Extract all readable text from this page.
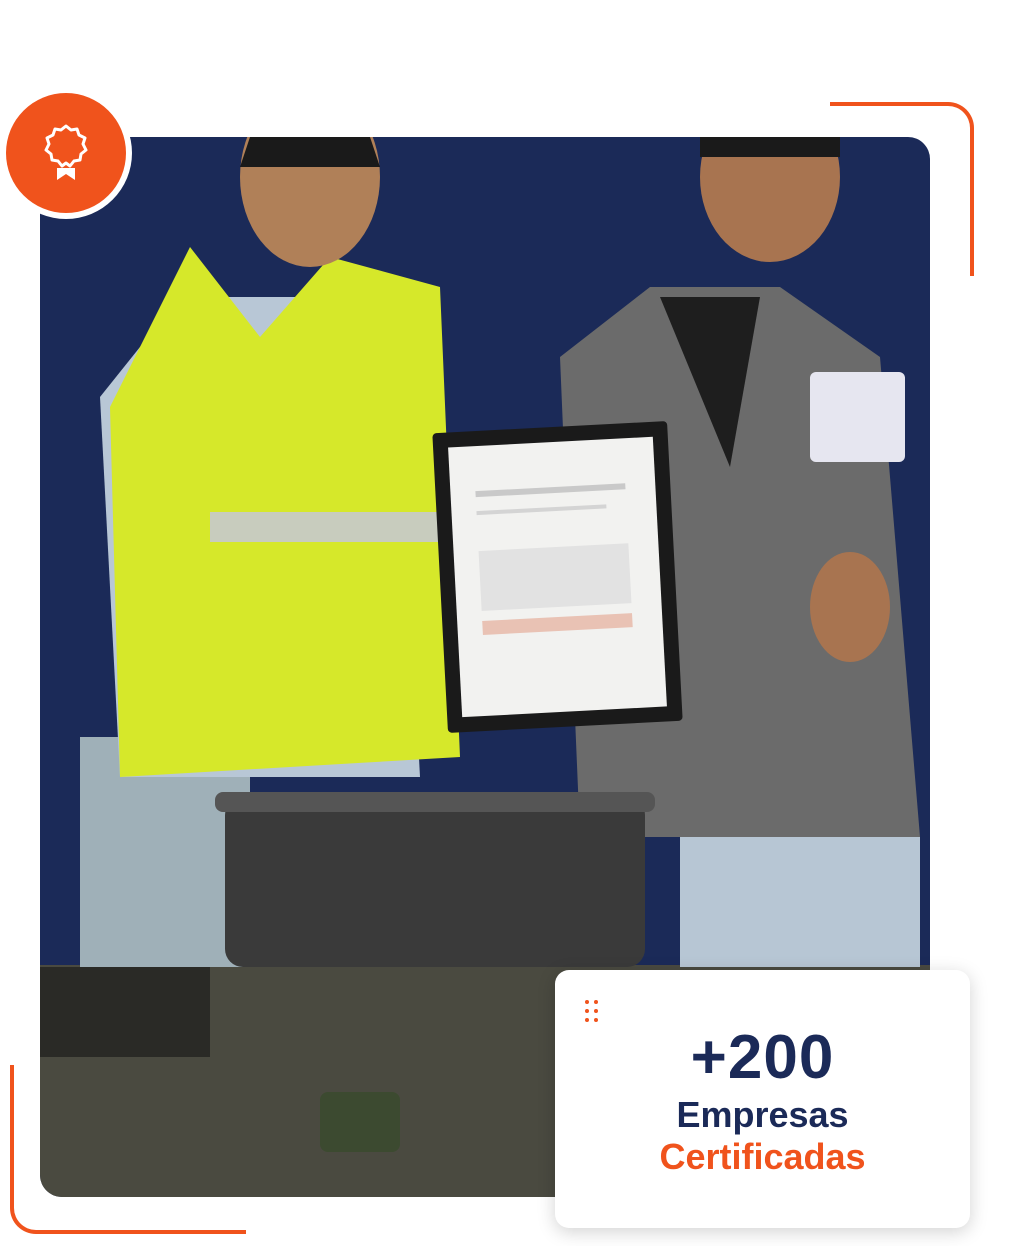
+200
Empresas
Certificadas
